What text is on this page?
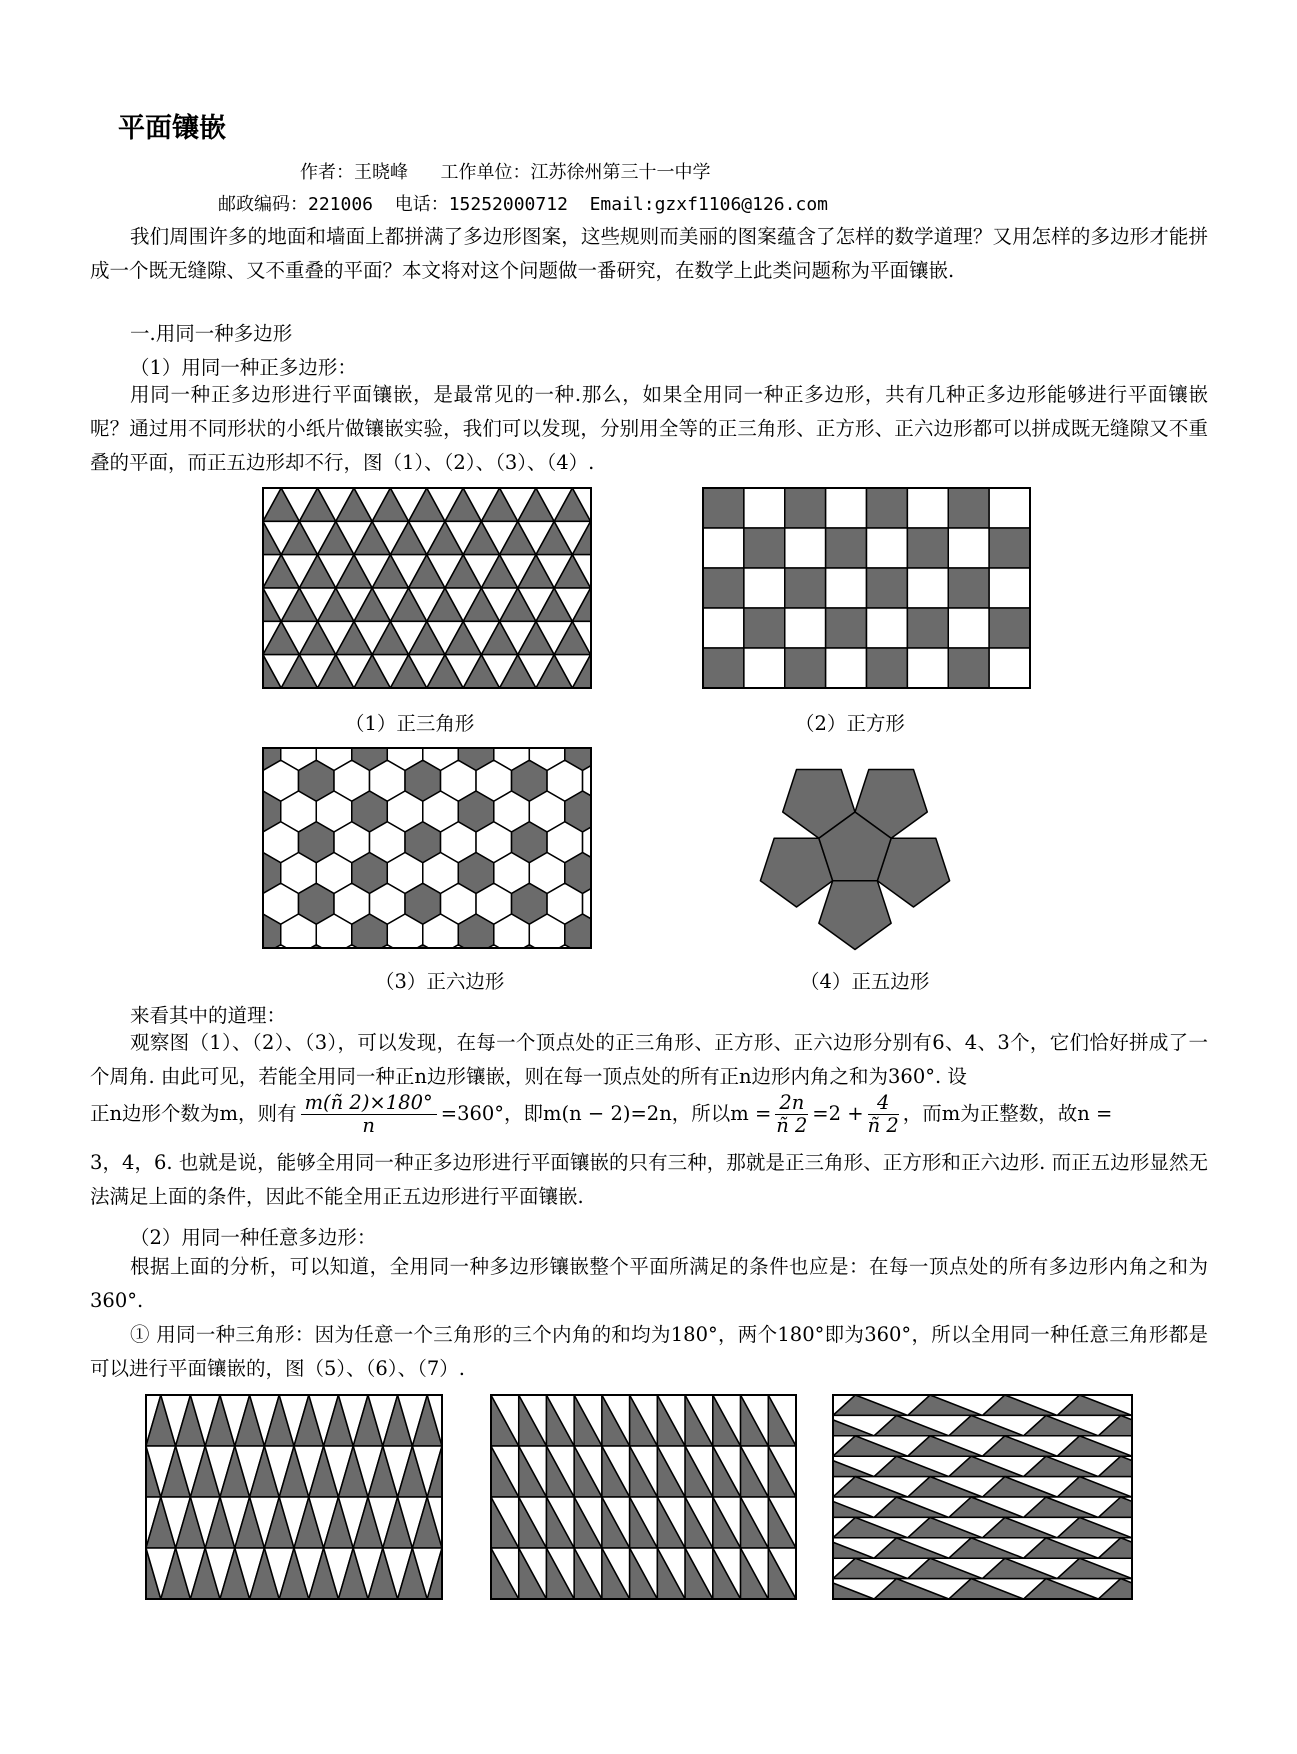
平面镶嵌
作者：王晓峰   工作单位：江苏徐州第三十一中学
邮政编码：221006  电话：15252000712  Email:gzxf1106@126.com
我们周围许多的地面和墙面上都拼满了多边形图案，这些规则而美丽的图案蕴含了怎样的数学道理？又用怎样的多边形才能拼成一个既无缝隙、又不重叠的平面？本文将对这个问题做一番研究，在数学上此类问题称为平面镶嵌.
一.用同一种多边形
（1）用同一种正多边形：
用同一种正多边形进行平面镶嵌，是最常见的一种.那么，如果全用同一种正多边形，共有几种正多边形能够进行平面镶嵌呢？通过用不同形状的小纸片做镶嵌实验，我们可以发现，分别用全等的正三角形、正方形、正六边形都可以拼成既无缝隙又不重叠的平面，而正五边形却不行，图（1）、（2）、（3）、（4）.
（1）正三角形	（2）正方形
（3）正六边形	（4）正五边形
来看其中的道理：
观察图（1）、（2）、（3），可以发现，在每一个顶点处的正三角形、正方形、正六边形分别有6、4、3个，它们恰好拼成了一个周角. 由此可见，若能全用同一种正n边形镶嵌，则在每一顶点处的所有正n边形内角之和为360°. 设
正n边形个数为m，则有 $\frac{m(ñ 2)\times 180^\circ}{n} =360^\circ$，即m(n − 2)=2n，所以$m = \frac{2n}{ñ 2} =2 + \frac{4}{ñ 2}$ ，而m为正整数，故n =
3，4，6. 也就是说，能够全用同一种正多边形进行平面镶嵌的只有三种，那就是正三角形、正方形和正六边形. 而正五边形显然无法满足上面的条件，因此不能全用正五边形进行平面镶嵌.
（2）用同一种任意多边形：
根据上面的分析，可以知道，全用同一种多边形镶嵌整个平面所满足的条件也应是：在每一顶点处的所有多边形内角之和为360°.
① 用同一种三角形：因为任意一个三角形的三个内角的和均为180°，两个180°即为360°，所以全用同一种任意三角形都是可以进行平面镶嵌的，图（5）、（6）、（7）.
